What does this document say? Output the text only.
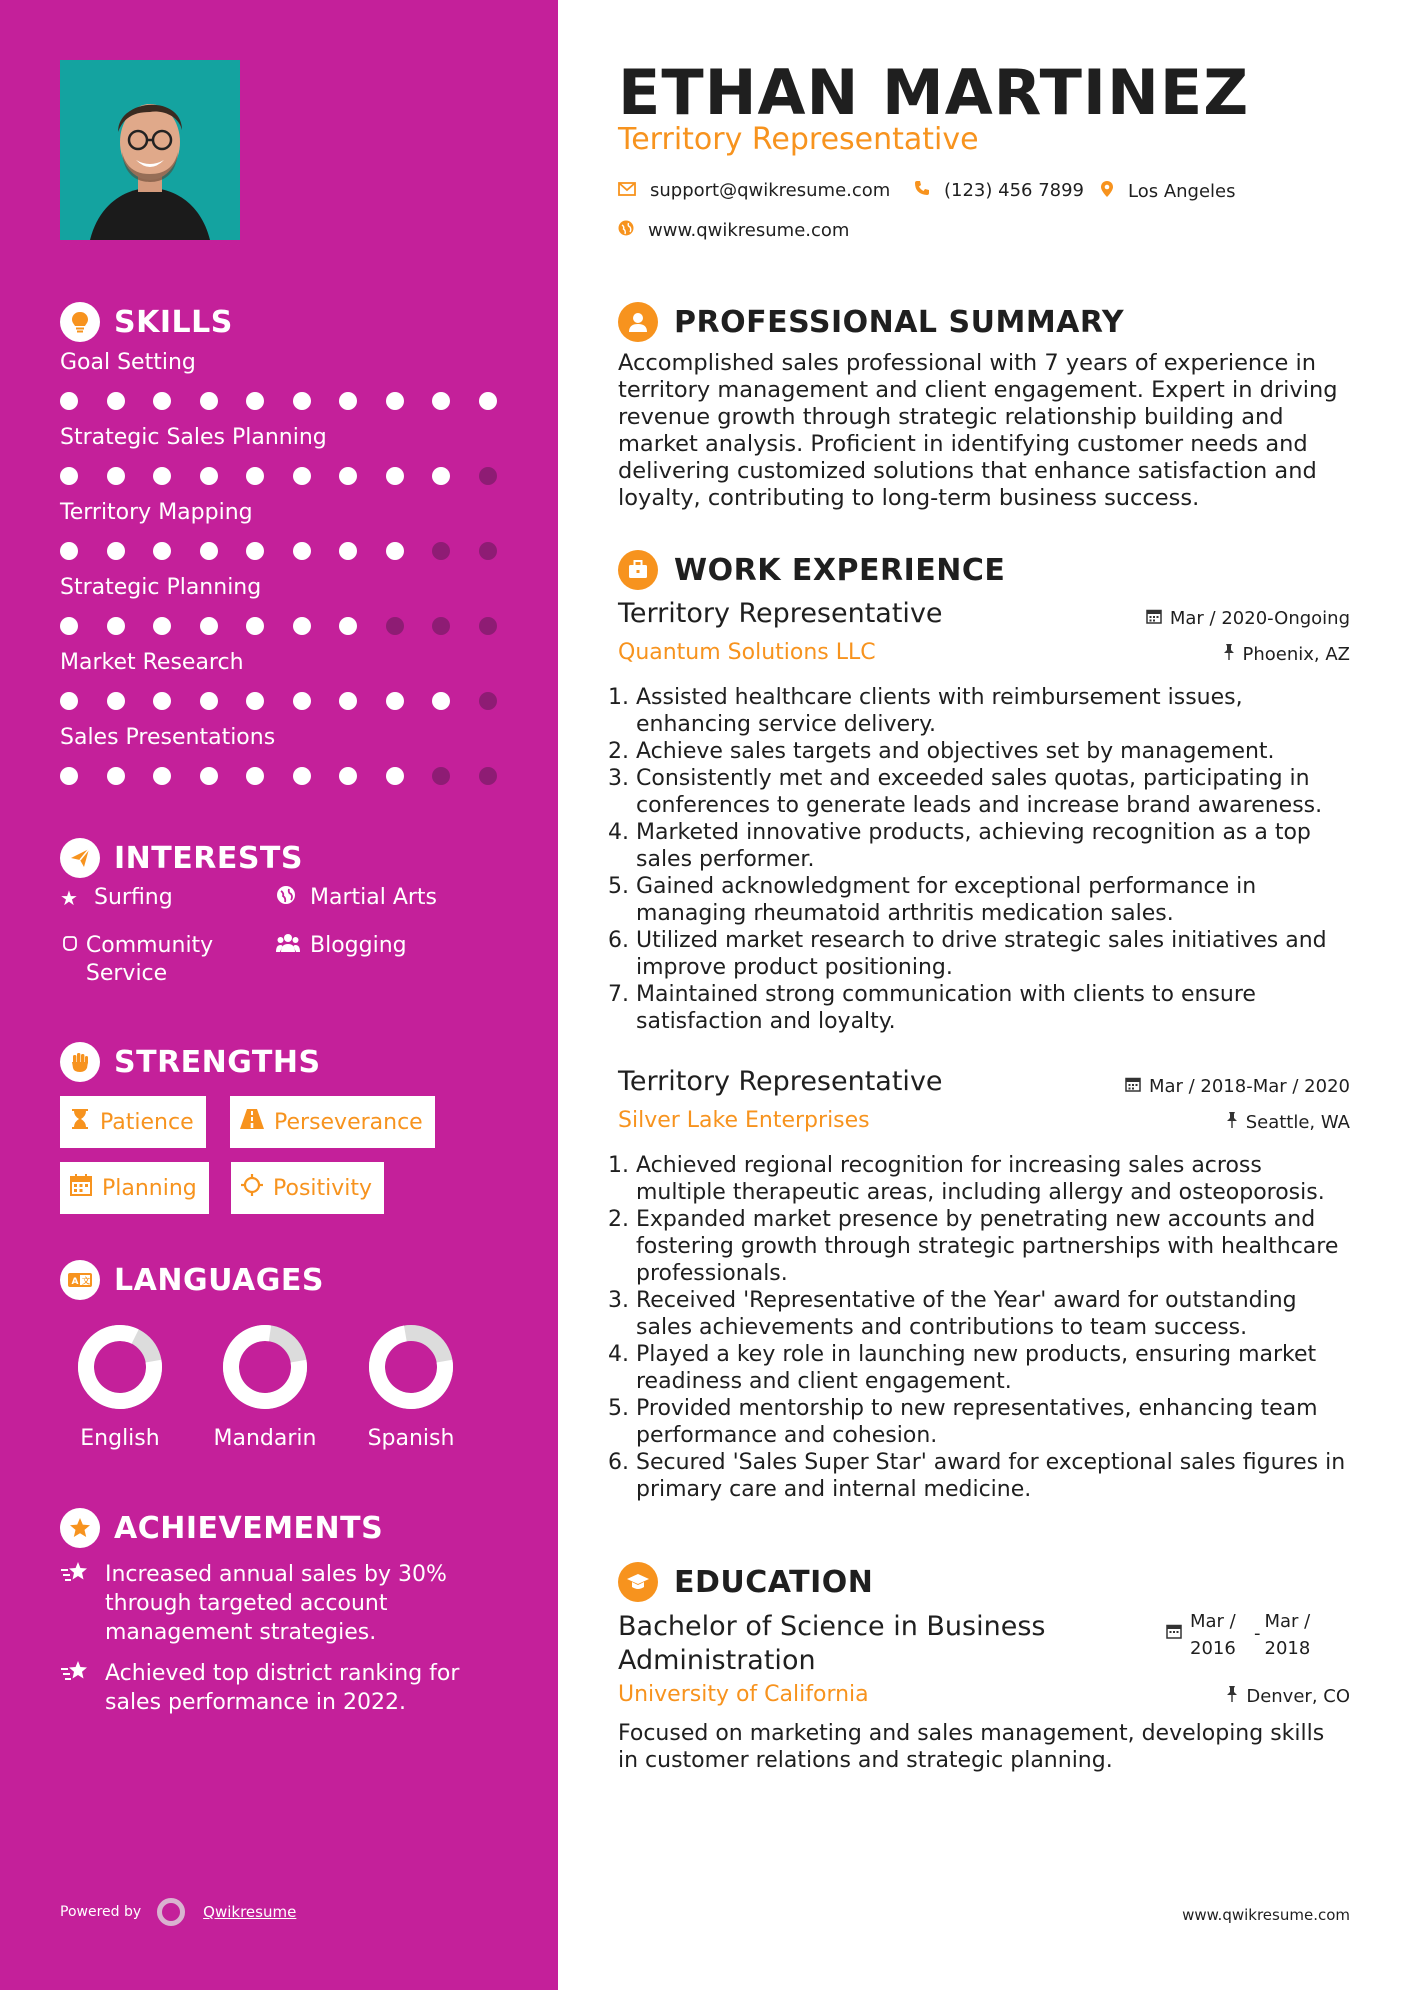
SKILLS
Goal Setting
Strategic Sales Planning
Territory Mapping
Strategic Planning
Market Research
Sales Presentations
INTERESTS
★ Surfing	Martial Arts
Community Service
Blogging
STRENGTHS
Patience	Perseverance
Planning	Positivity
A 文 LANGUAGES
English	Mandarin	Spanish
ACHIEVEMENTS
Increased annual sales by 30% through targeted account management strategies.
Achieved top district ranking for sales performance in 2022.
Powered by	Qwikresume
ETHAN MARTINEZ
Territory Representative
support@qwikresume.com	(123) 456 7899 Los Angeles
www.qwikresume.com
PROFESSIONAL SUMMARY

Accomplished sales professional with 7 years of experience in territory management and client engagement. Expert in driving revenue growth through strategic relationship building and market analysis. Proficient in identifying customer needs and delivering customized solutions that enhance satisfaction and loyalty, contributing to long-term business success.

WORK EXPERIENCE
Territory Representative	Mar / 2020-Ongoing
Quantum Solutions LLC	Phoenix, AZ
1. Assisted healthcare clients with reimbursement issues, enhancing service delivery.
2. Achieve sales targets and objectives set by management.
3. Consistently met and exceeded sales quotas, participating in conferences to generate leads and increase brand awareness.
4. Marketed innovative products, achieving recognition as a top sales performer.
5. Gained acknowledgment for exceptional performance in managing rheumatoid arthritis medication sales.
6. Utilized market research to drive strategic sales initiatives and improve product positioning.
7. Maintained strong communication with clients to ensure satisfaction and loyalty.
Territory Representative	Mar / 2018-Mar / 2020
Silver Lake Enterprises	Seattle, WA
1. Achieved regional recognition for increasing sales across multiple therapeutic areas, including allergy and osteoporosis.
2. Expanded market presence by penetrating new accounts and fostering growth through strategic partnerships with healthcare professionals.
3. Received 'Representative of the Year' award for outstanding sales achievements and contributions to team success.
4. Played a key role in launching new products, ensuring market readiness and client engagement.
5. Provided mentorship to new representatives, enhancing team performance and cohesion.
6. Secured 'Sales Super Star' award for exceptional sales figures in primary care and internal medicine.
EDUCATION
Bachelor of Science in Business Administration
Mar / 2016
-
Mar / 2018
University of California	Denver, CO

Focused on marketing and sales management, developing skills in customer relations and strategic planning.

www.qwikresume.com
